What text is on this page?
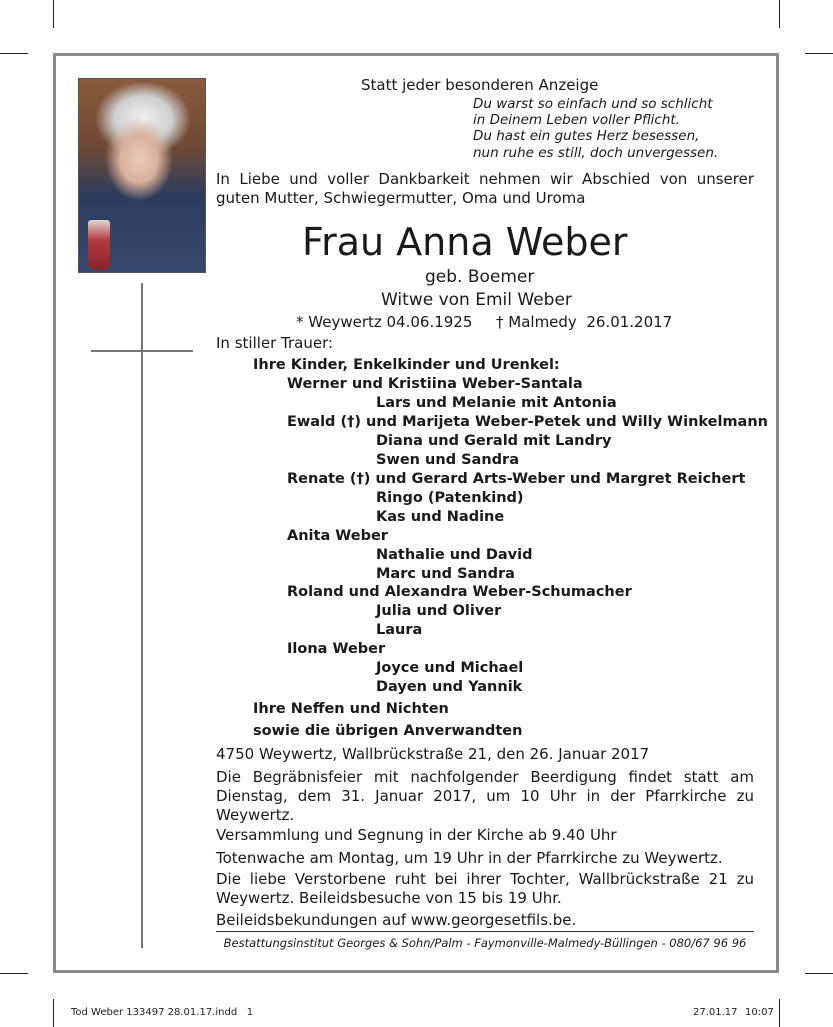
Statt jeder besonderen Anzeige
Du warst so einfach und so schlicht
in Deinem Leben voller Pflicht.
Du hast ein gutes Herz besessen,
nun ruhe es still, doch unvergessen.
In Liebe und voller Dankbarkeit nehmen wir Abschied von unserer guten Mutter, Schwiegermutter, Oma und Uroma
Frau Anna Weber
geb. Boemer
Witwe von Emil Weber
* Weywertz 04.06.1925 † Malmedy  26.01.2017
In stiller Trauer:
Ihre Kinder, Enkelkinder und Urenkel:
Werner und Kristiina Weber-Santala
Lars und Melanie mit Antonia
Ewald (†) und Marijeta Weber-Petek und Willy Winkelmann
Diana und Gerald mit Landry
Swen und Sandra
Renate (†) und Gerard Arts-Weber und Margret Reichert
Ringo (Patenkind)
Kas und Nadine
Anita Weber
Nathalie und David
Marc und Sandra
Roland und Alexandra Weber-Schumacher
Julia und Oliver
Laura
Ilona Weber
Joyce und Michael
Dayen und Yannik
Ihre Neffen und Nichten
sowie die übrigen Anverwandten
4750 Weywertz, Wallbrückstraße 21, den 26. Januar 2017
Die Begräbnisfeier mit nachfolgender Beerdigung findet statt am Dienstag, dem 31. Januar 2017, um 10 Uhr in der Pfarrkirche zu Weywertz.
Versammlung und Segnung in der Kirche ab 9.40 Uhr
Totenwache am Montag, um 19 Uhr in der Pfarrkirche zu Weywertz.
Die liebe Verstorbene ruht bei ihrer Tochter, Wallbrückstraße 21 zu Weywertz. Beileidsbesuche von 15 bis 19 Uhr.
Beileidsbekundungen auf www.georgesetfils.be.
Bestattungsinstitut Georges & Sohn/Palm - Faymonville-Malmedy-Büllingen - 080/67 96 96
Tod Weber 133497 28.01.17.indd   1	27.01.17 10:07
